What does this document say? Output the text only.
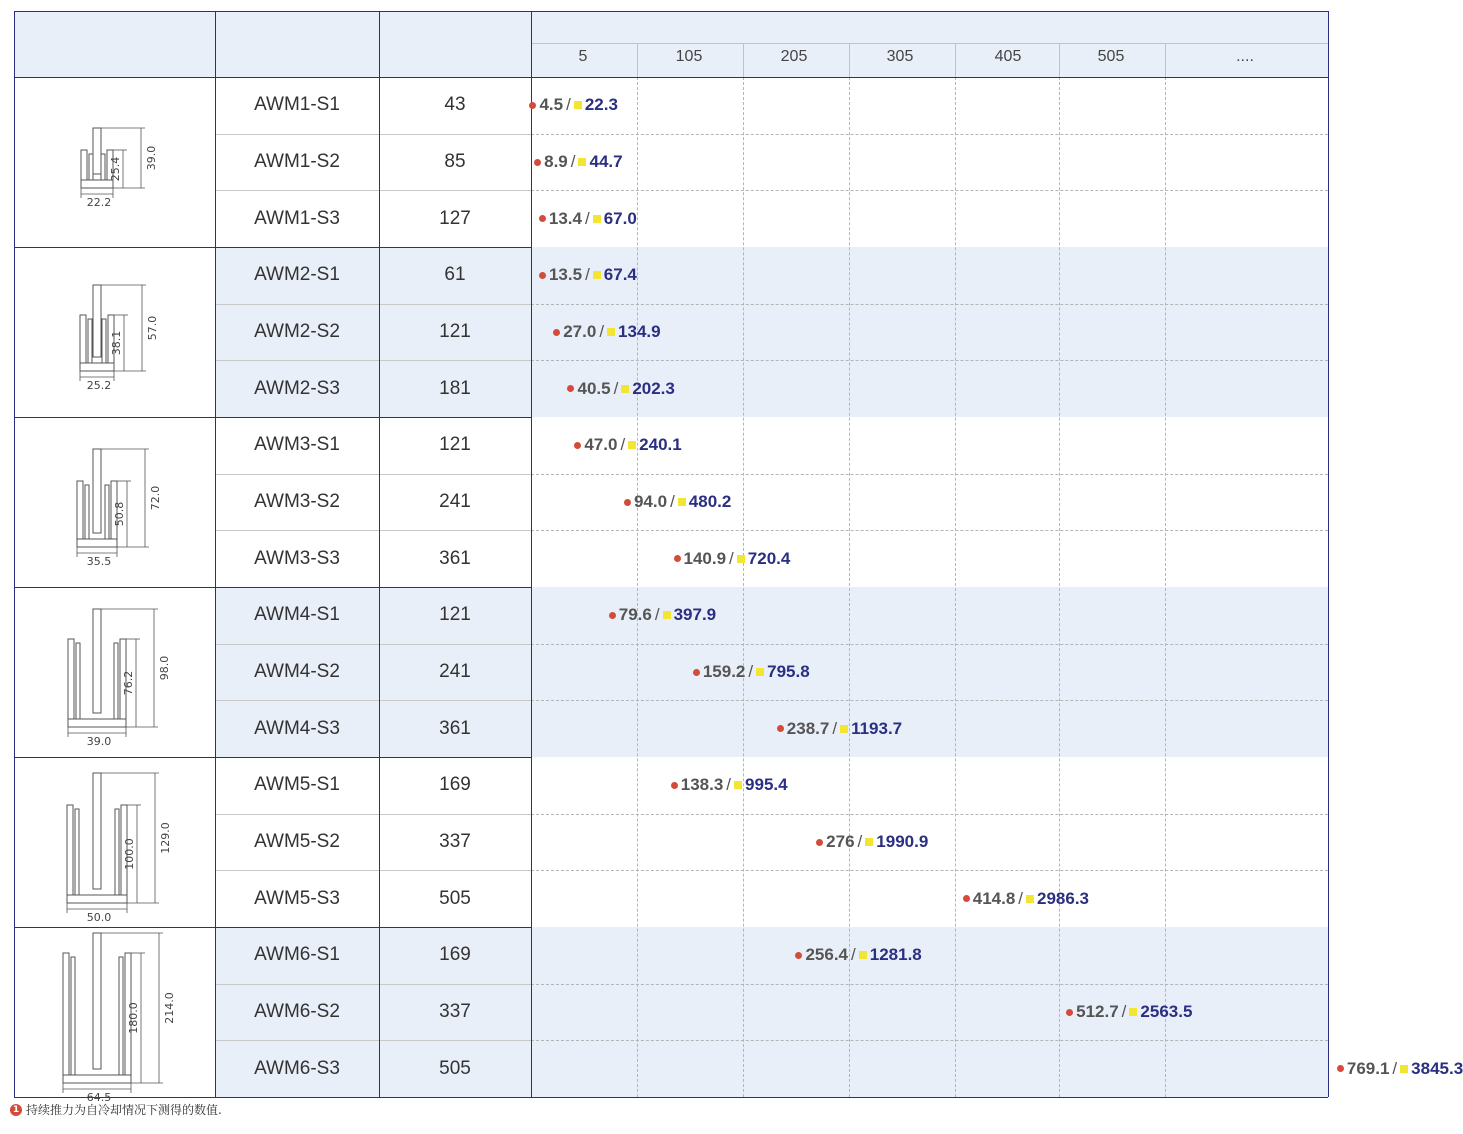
1 持续推力为自冷却情况下测得的数值.
5	105	205	305	405	505	....
AWM1-S1	43	4.5 / 22.3
AWM1-S2	85	8.9 / 44.7
AWM1-S3	127	13.4 / 67.0
AWM2-S1	61	13.5 / 67.4
AWM2-S2	121	27.0 / 134.9
AWM2-S3	181	40.5 / 202.3
AWM3-S1	121	47.0 / 240.1
AWM3-S2	241	94.0 / 480.2
AWM3-S3	361	140.9 / 720.4
AWM4-S1	121	79.6 / 397.9
AWM4-S2	241	159.2 / 795.8
AWM4-S3	361	238.7 / 1193.7
AWM5-S1	169	138.3 / 995.4
AWM5-S2	337	276 / 1990.9
AWM5-S3	505	414.8 / 2986.3
AWM6-S1	169	256.4 / 1281.8
AWM6-S2	337	512.7 / 2563.5
AWM6-S3	505	769.1 / 3845.3
22.2
25.4 39.0
25.2
38.1
57.0
35.5
50.8
72.0
39.0
76.2
98.0
50.0
100.0
129.0
64.5
180.0 214.0
